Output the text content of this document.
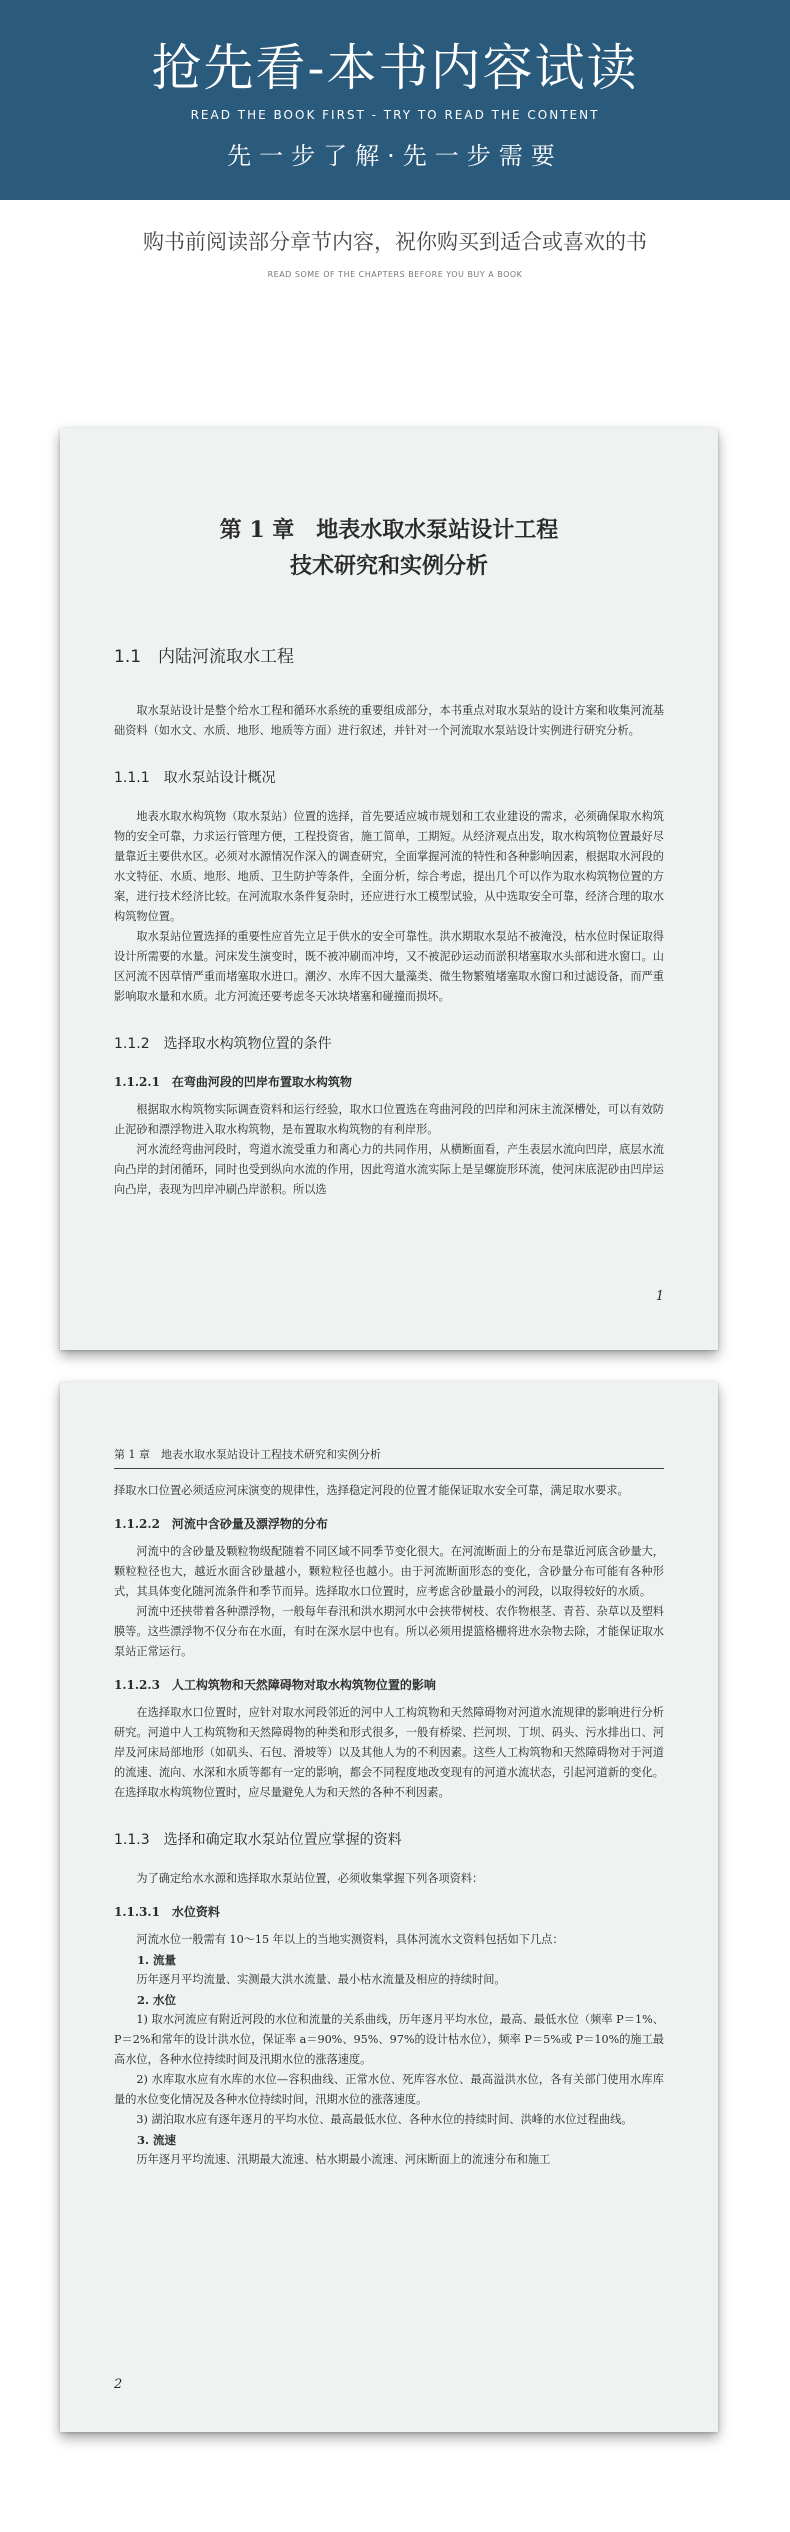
抢先看-本书内容试读
READ THE BOOK FIRST - TRY TO READ THE CONTENT
先一步了解·先一步需要
购书前阅读部分章节内容，祝你购买到适合或喜欢的书
READ SOME OF THE CHAPTERS BEFORE YOU BUY A BOOK
第 1 章　地表水取水泵站设计工程
技术研究和实例分析
1.1　内陆河流取水工程

取水泵站设计是整个给水工程和循环水系统的重要组成部分，本书重点对取水泵站的设计方案和收集河流基础资料（如水文、水质、地形、地质等方面）进行叙述，并针对一个河流取水泵站设计实例进行研究分析。

1.1.1　取水泵站设计概况

地表水取水构筑物（取水泵站）位置的选择，首先要适应城市规划和工农业建设的需求，必须确保取水构筑物的安全可靠，力求运行管理方便，工程投资省，施工简单，工期短。从经济观点出发，取水构筑物位置最好尽量靠近主要供水区。必须对水源情况作深入的调查研究，全面掌握河流的特性和各种影响因素，根据取水河段的水文特征、水质、地形、地质、卫生防护等条件，全面分析，综合考虑，提出几个可以作为取水构筑物位置的方案，进行技术经济比较。在河流取水条件复杂时，还应进行水工模型试验，从中选取安全可靠，经济合理的取水构筑物位置。

取水泵站位置选择的重要性应首先立足于供水的安全可靠性。洪水期取水泵站不被淹没，枯水位时保证取得设计所需要的水量。河床发生演变时，既不被冲刷而冲垮，又不被泥砂运动而淤积堵塞取水头部和进水窗口。山区河流不因草情严重而堵塞取水进口。潮汐、水库不因大量藻类、微生物繁殖堵塞取水窗口和过滤设备，而严重影响取水量和水质。北方河流还要考虑冬天冰块堵塞和碰撞而损坏。

1.1.2　选择取水构筑物位置的条件
1.1.2.1　在弯曲河段的凹岸布置取水构筑物

根据取水构筑物实际调查资料和运行经验，取水口位置选在弯曲河段的凹岸和河床主流深槽处，可以有效防止泥砂和漂浮物进入取水构筑物，是布置取水构筑物的有利岸形。

河水流经弯曲河段时，弯道水流受重力和离心力的共同作用，从横断面看，产生表层水流向凹岸，底层水流向凸岸的封闭循环，同时也受到纵向水流的作用，因此弯道水流实际上是呈螺旋形环流，使河床底泥砂由凹岸运向凸岸，表现为凹岸冲刷凸岸淤积。所以选

1
第 1 章　地表水取水泵站设计工程技术研究和实例分析

择取水口位置必须适应河床演变的规律性，选择稳定河段的位置才能保证取水安全可靠，满足取水要求。

1.1.2.2　河流中含砂量及漂浮物的分布

河流中的含砂量及颗粒物级配随着不同区域不同季节变化很大。在河流断面上的分布是靠近河底含砂量大，颗粒粒径也大，越近水面含砂量越小，颗粒粒径也越小。由于河流断面形态的变化，含砂量分布可能有各种形式，其具体变化随河流条件和季节而异。选择取水口位置时，应考虑含砂量最小的河段，以取得较好的水质。

河流中还挟带着各种漂浮物，一般每年春汛和洪水期河水中会挟带树枝、农作物根茎、青苔、杂草以及塑料膜等。这些漂浮物不仅分布在水面，有时在深水层中也有。所以必须用提篮格栅将进水杂物去除，才能保证取水泵站正常运行。

1.1.2.3　人工构筑物和天然障碍物对取水构筑物位置的影响

在选择取水口位置时，应针对取水河段邻近的河中人工构筑物和天然障碍物对河道水流规律的影响进行分析研究。河道中人工构筑物和天然障碍物的种类和形式很多，一般有桥梁、拦河坝、丁坝、码头、污水排出口、河岸及河床局部地形（如矶头、石包、滑坡等）以及其他人为的不利因素。这些人工构筑物和天然障碍物对于河道的流速、流向、水深和水质等都有一定的影响，都会不同程度地改变现有的河道水流状态，引起河道新的变化。在选择取水构筑物位置时，应尽量避免人为和天然的各种不利因素。

1.1.3　选择和确定取水泵站位置应掌握的资料

为了确定给水水源和选择取水泵站位置，必须收集掌握下列各项资料：

1.1.3.1　水位资料

河流水位一般需有 10～15 年以上的当地实测资料，具体河流水文资料包括如下几点：

1. 流量

历年逐月平均流量、实测最大洪水流量、最小枯水流量及相应的持续时间。

2. 水位

1) 取水河流应有附近河段的水位和流量的关系曲线，历年逐月平均水位，最高、最低水位（频率 P＝1%、P＝2%和常年的设计洪水位，保证率 a＝90%、95%、97%的设计枯水位），频率 P＝5%或 P＝10%的施工最高水位，各种水位持续时间及汛期水位的涨落速度。

2) 水库取水应有水库的水位—容积曲线、正常水位、死库容水位、最高溢洪水位，各有关部门使用水库库量的水位变化情况及各种水位持续时间，汛期水位的涨落速度。

3) 湖泊取水应有逐年逐月的平均水位、最高最低水位、各种水位的持续时间、洪峰的水位过程曲线。

3. 流速

历年逐月平均流速、汛期最大流速、枯水期最小流速、河床断面上的流速分布和施工

2
